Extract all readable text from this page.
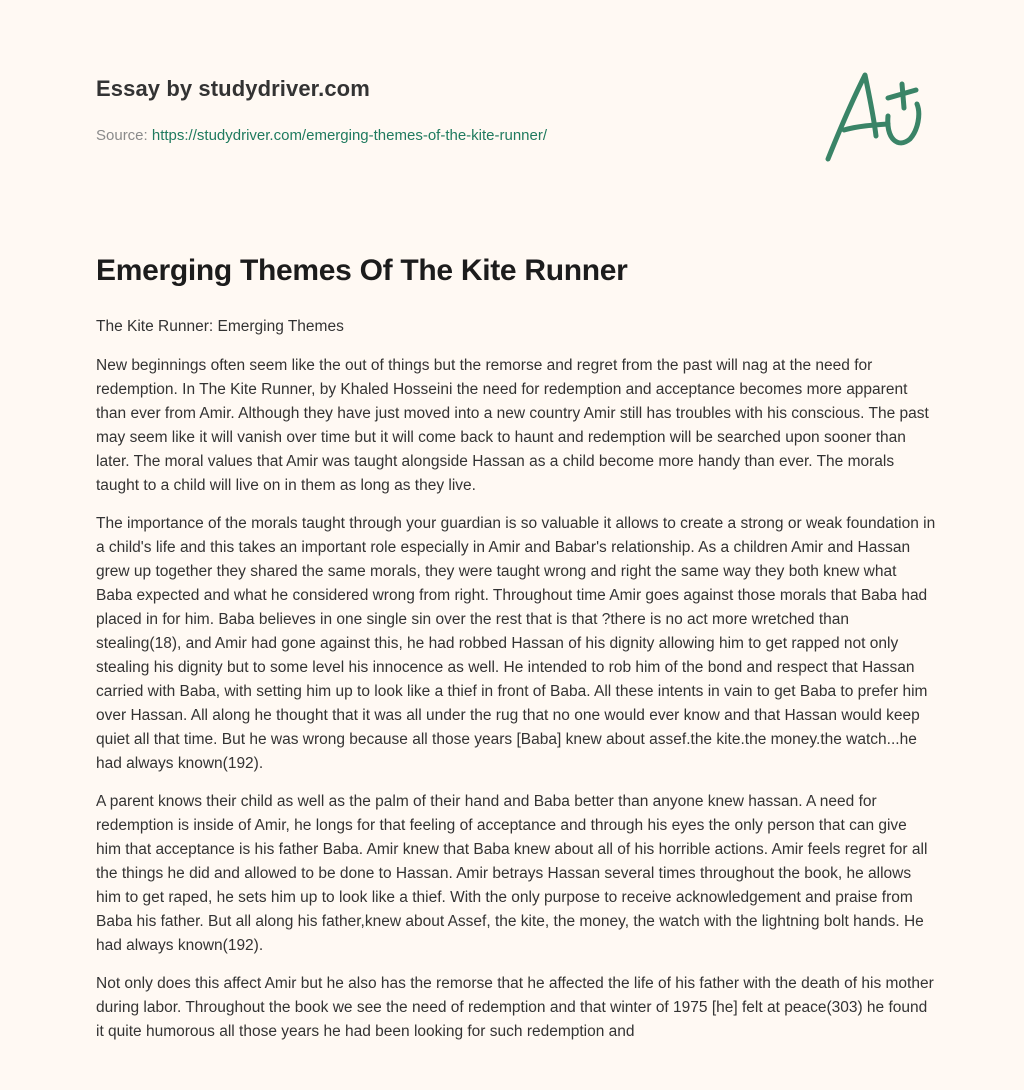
Essay by studydriver.com
Source: https://studydriver.com/emerging-themes-of-the-kite-runner/
Emerging Themes Of The Kite Runner
The Kite Runner: Emerging Themes

New beginnings often seem like the out of things but the remorse and regret from the past will nag at the need for redemption. In The Kite Runner, by Khaled Hosseini the need for redemption and acceptance becomes more apparent than ever from Amir. Although they have just moved into a new country Amir still has troubles with his conscious. The past may seem like it will vanish over time but it will come back to haunt and redemption will be searched upon sooner than later. The moral values that Amir was taught alongside Hassan as a child become more handy than ever. The morals taught to a child will live on in them as long as they live.

The importance of the morals taught through your guardian is so valuable it allows to create a strong or weak foundation in a child's life and this takes an important role especially in Amir and Babar's relationship. As a children Amir and Hassan grew up together they shared the same morals, they were taught wrong and right the same way they both knew what Baba expected and what he considered wrong from right. Throughout time Amir goes against those morals that Baba had placed in for him. Baba believes in one single sin over the rest that is that ?there is no act more wretched than stealing(18), and Amir had gone against this, he had robbed Hassan of his dignity allowing him to get rapped not only stealing his dignity but to some level his innocence as well. He intended to rob him of the bond and respect that Hassan carried with Baba, with setting him up to look like a thief in front of Baba. All these intents in vain to get Baba to prefer him over Hassan. All along he thought that it was all under the rug that no one would ever know and that Hassan would keep quiet all that time. But he was wrong because all those years [Baba] knew about assef.the kite.the money.the watch...he had always known(192).

A parent knows their child as well as the palm of their hand and Baba better than anyone knew hassan. A need for redemption is inside of Amir, he longs for that feeling of acceptance and through his eyes the only person that can give him that acceptance is his father Baba. Amir knew that Baba knew about all of his horrible actions. Amir feels regret for all the things he did and allowed to be done to Hassan. Amir betrays Hassan several times throughout the book, he allows him to get raped, he sets him up to look like a thief. With the only purpose to receive acknowledgement and praise from Baba his father. But all along his father,knew about Assef, the kite, the money, the watch with the lightning bolt hands. He had always known(192).

Not only does this affect Amir but he also has the remorse that he affected the life of his father with the death of his mother during labor. Throughout the book we see the need of redemption and that winter of 1975 [he] felt at peace(303) he found it quite humorous all those years he had been looking for such redemption and
